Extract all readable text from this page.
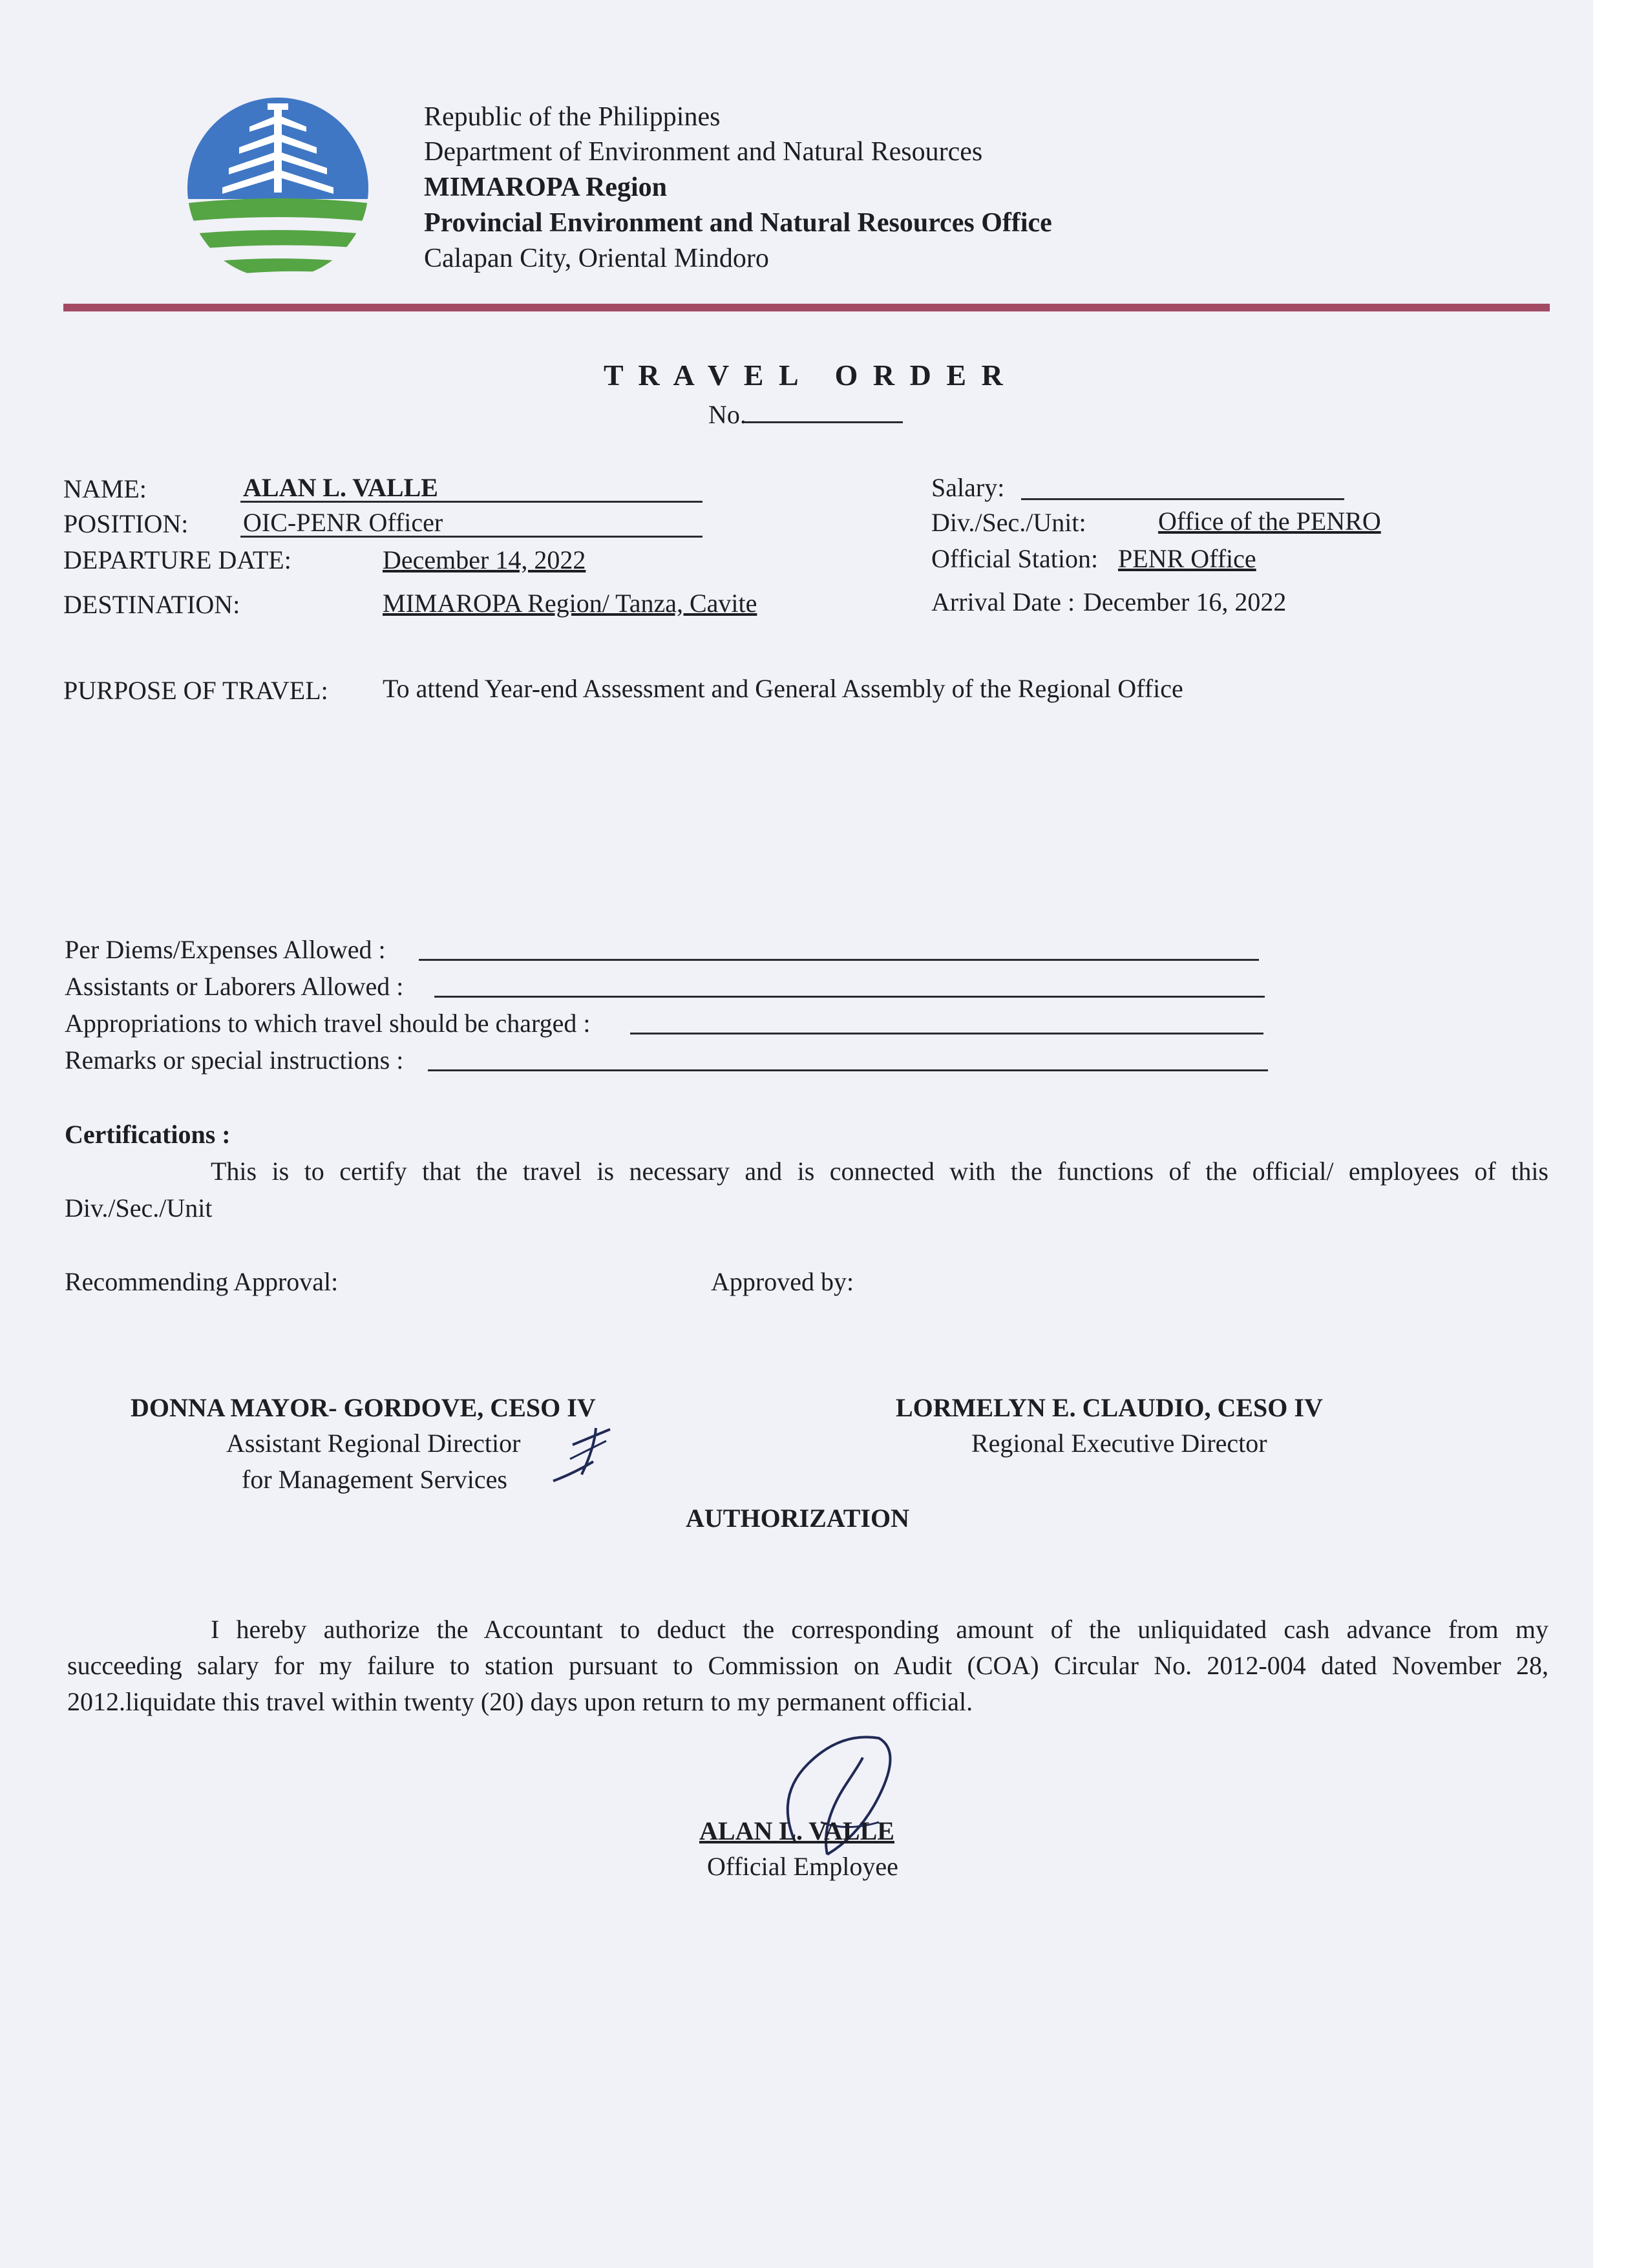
Republic of the Philippines
Department of Environment and Natural Resources
MIMAROPA Region
Provincial Environment and Natural Resources Office
Calapan City, Oriental Mindoro
T R A V E L   O R D E R
No.
NAME:	ALAN L. VALLE
POSITION: OIC-PENR Officer
DEPARTURE DATE:	December 14, 2022
DESTINATION:	MIMAROPA Region/ Tanza, Cavite
Salary:
Div./Sec./Unit:	Office of the PENRO
Official Station: PENR Office
Arrival Date : December 16, 2022
PURPOSE OF TRAVEL: To attend Year-end Assessment and General Assembly of the Regional Office
Per Diems/Expenses Allowed :
Assistants or Laborers Allowed :
Appropriations to which travel should be charged :
Remarks or special instructions :
Certifications :
This is to certify that the travel is necessary and is connected with the functions of the official/ employees of this
Div./Sec./Unit
Recommending Approval:	Approved by:
DONNA MAYOR- GORDOVE, CESO IV
Assistant Regional Directior
for Management Services
LORMELYN E. CLAUDIO, CESO IV
Regional Executive Director
AUTHORIZATION
I hereby authorize the Accountant to deduct the corresponding amount of the unliquidated cash advance from my
succeeding salary for my failure to station pursuant to Commission on Audit (COA) Circular No. 2012-004 dated November 28,
2012.liquidate this travel within twenty (20) days upon return to my permanent official.
ALAN L. VALLE
Official Employee
